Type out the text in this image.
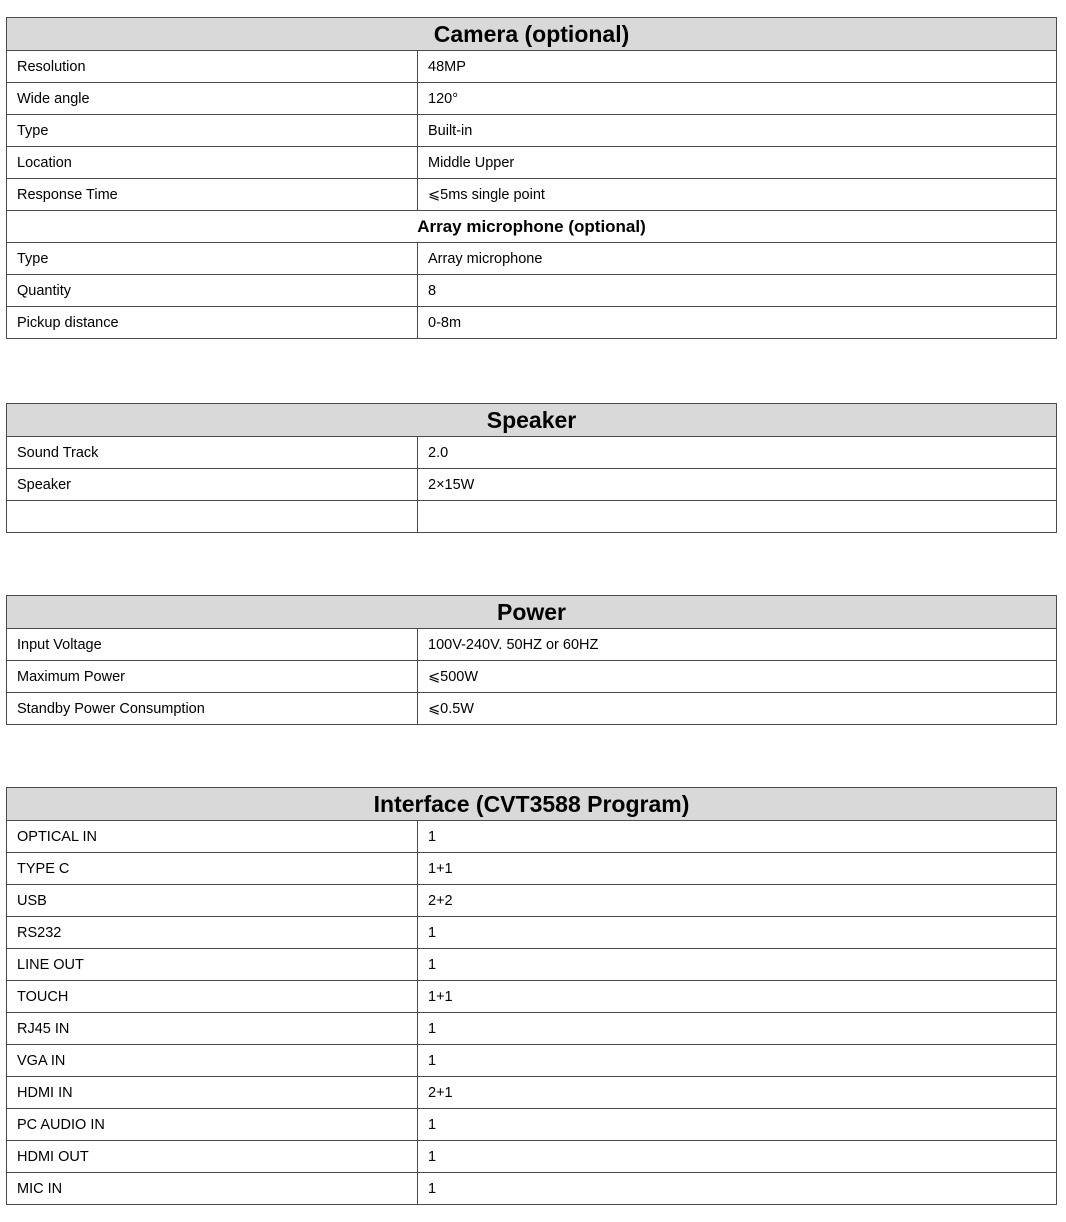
Camera (optional)	
Resolution	48MP
Wide angle	120°
Type	Built-in
Location	Middle Upper
Response Time	⩽5ms single point
Array microphone (optional)	
Type	Array microphone
Quantity	8
Pickup distance	0-8m
Speaker	
Sound Track	2.0
Speaker	2×15W

Power	
Input Voltage	100V-240V. 50HZ or 60HZ
Maximum Power	⩽500W
Standby Power Consumption	⩽0.5W
Interface (CVT3588 Program)	
OPTICAL IN	1
TYPE C	1+1
USB	2+2
RS232	1
LINE OUT	1
TOUCH	1+1
RJ45 IN	1
VGA IN	1
HDMI IN	2+1
PC AUDIO IN	1
HDMI OUT	1
MIC IN	1
